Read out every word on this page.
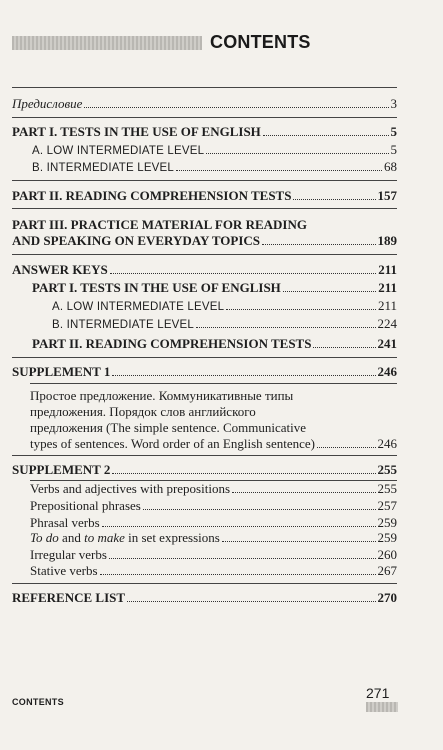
CONTENTS
Предисловие	3
PART I. TESTS IN THE USE OF ENGLISH	5
A. LOW INTERMEDIATE LEVEL	5
B. INTERMEDIATE LEVEL	68
PART II. READING COMPREHENSION TESTS	157
PART III. PRACTICE MATERIAL FOR READING
AND SPEAKING ON EVERYDAY TOPICS	189
ANSWER KEYS	211
PART I. TESTS IN THE USE OF ENGLISH	211
A. LOW INTERMEDIATE LEVEL	211
B. INTERMEDIATE LEVEL	224
PART II. READING COMPREHENSION TESTS	241
SUPPLEMENT 1	246
Простое предложение. Коммуникативные типы
предложения. Порядок слов английского
предложения (The simple sentence. Communicative
types of sentences. Word order of an English sentence)	246
SUPPLEMENT 2	255
Verbs and adjectives with prepositions	255
Prepositional phrases	257
Phrasal verbs	259
To do and to make in set expressions	259
Irregular verbs	260
Stative verbs	267
REFERENCE LIST	270
CONTENTS
271
